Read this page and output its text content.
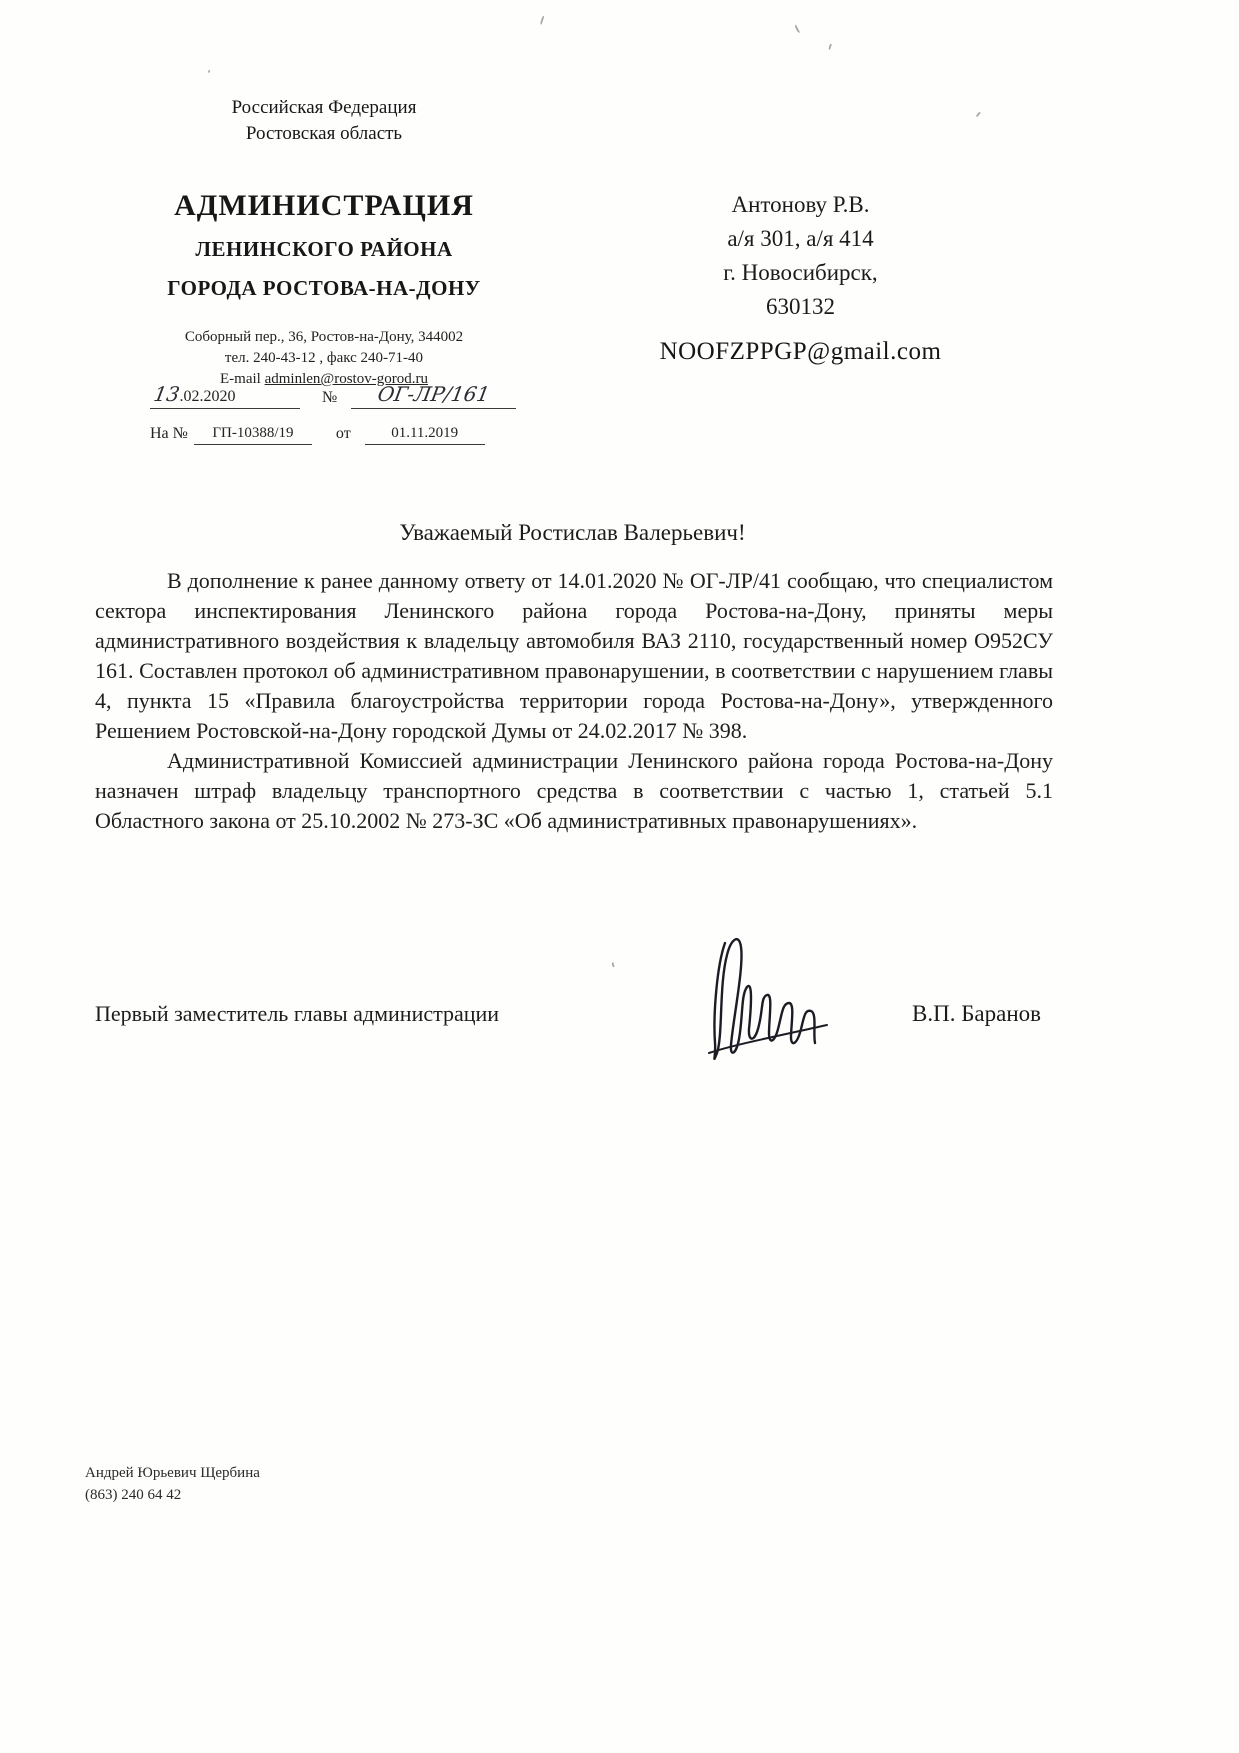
Российская Федерация
Ростовская область
АДМИНИСТРАЦИЯ
ЛЕНИНСКОГО РАЙОНА
ГОРОДА РОСТОВА-НА-ДОНУ
Соборный пер., 36, Ростов-на-Дону, 344002
тел. 240-43-12 , факс 240-71-40
E-mail adminlen@rostov-gorod.ru
13.02.2020	№	ОГ-ЛР/161
На №	ГП-10388/19	от	01.11.2019
Антонову Р.В.
а/я 301, а/я 414
г. Новосибирск,
630132
NOOFZPPGP@gmail.com
Уважаемый Ростислав Валерьевич!

В дополнение к ранее данному ответу от 14.01.2020 № ОГ-ЛР/41 сообщаю, что специалистом сектора инспектирования Ленинского района города Ростова-на-Дону, приняты меры административного воздействия к владельцу автомобиля ВАЗ 2110, государственный номер О952СУ 161. Составлен протокол об административном правонарушении, в соответствии с нарушением главы 4, пункта 15 «Правила благоустройства территории города Ростова-на-Дону», утвержденного Решением Ростовской-на-Дону городской Думы от 24.02.2017 № 398.

Административной Комиссией администрации Ленинского района города Ростова-на-Дону назначен штраф владельцу транспортного средства в соответствии с частью 1, статьей 5.1 Областного закона от 25.10.2002 № 273-ЗС «Об административных правонарушениях».

Первый заместитель главы администрации	В.П. Баранов
Андрей Юрьевич Щербина
(863) 240 64 42
